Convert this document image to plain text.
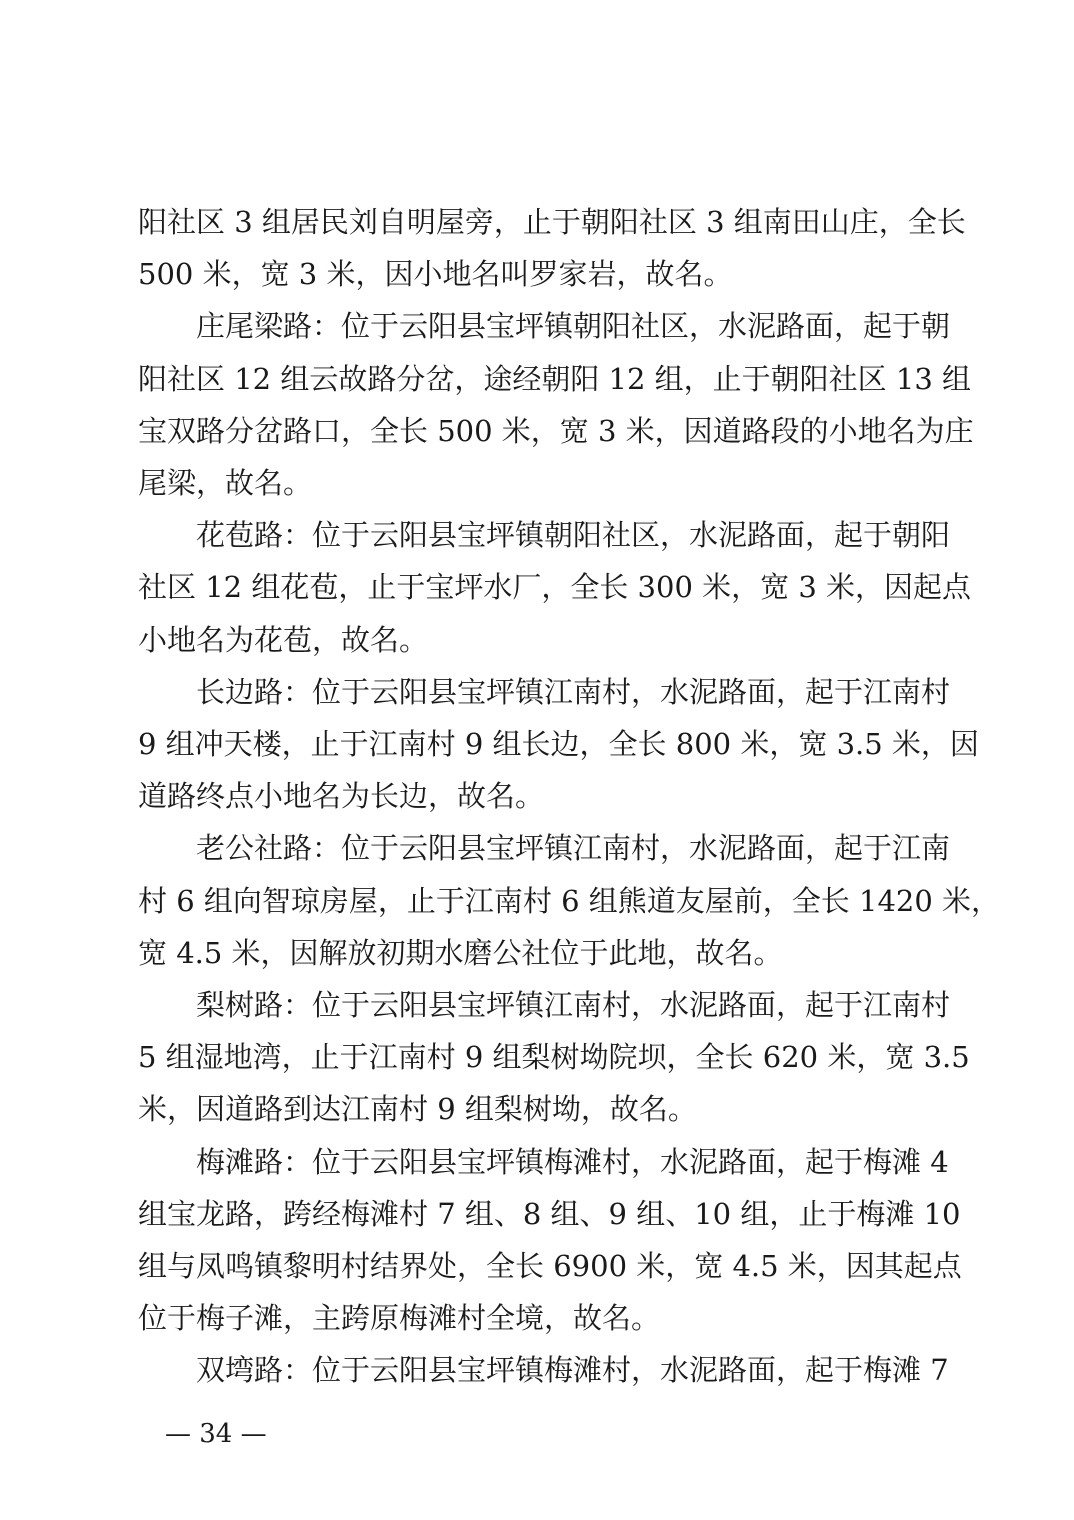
阳社区 3 组居民刘自明屋旁，止于朝阳社区 3 组南田山庄，全长
500 米，宽 3 米，因小地名叫罗家岩，故名。
庄尾梁路：位于云阳县宝坪镇朝阳社区，水泥路面，起于朝
阳社区 12 组云故路分岔，途经朝阳 12 组，止于朝阳社区 13 组
宝双路分岔路口，全长 500 米，宽 3 米，因道路段的小地名为庄
尾梁，故名。
花苞路：位于云阳县宝坪镇朝阳社区，水泥路面，起于朝阳
社区 12 组花苞，止于宝坪水厂，全长 300 米，宽 3 米，因起点
小地名为花苞，故名。
长边路：位于云阳县宝坪镇江南村，水泥路面，起于江南村
9 组冲天楼，止于江南村 9 组长边，全长 800 米，宽 3.5 米，因
道路终点小地名为长边，故名。
老公社路：位于云阳县宝坪镇江南村，水泥路面，起于江南
村 6 组向智琼房屋，止于江南村 6 组熊道友屋前，全长 1420 米，
宽 4.5 米，因解放初期水磨公社位于此地，故名。
梨树路：位于云阳县宝坪镇江南村，水泥路面，起于江南村
5 组湿地湾，止于江南村 9 组梨树坳院坝，全长 620 米，宽 3.5
米，因道路到达江南村 9 组梨树坳，故名。
梅滩路：位于云阳县宝坪镇梅滩村，水泥路面，起于梅滩 4
组宝龙路，跨经梅滩村 7 组、8 组、9 组、10 组，止于梅滩 10
组与凤鸣镇黎明村结界处，全长 6900 米，宽 4.5 米，因其起点
位于梅子滩，主跨原梅滩村全境，故名。
双塆路：位于云阳县宝坪镇梅滩村，水泥路面，起于梅滩 7
— 34 —
